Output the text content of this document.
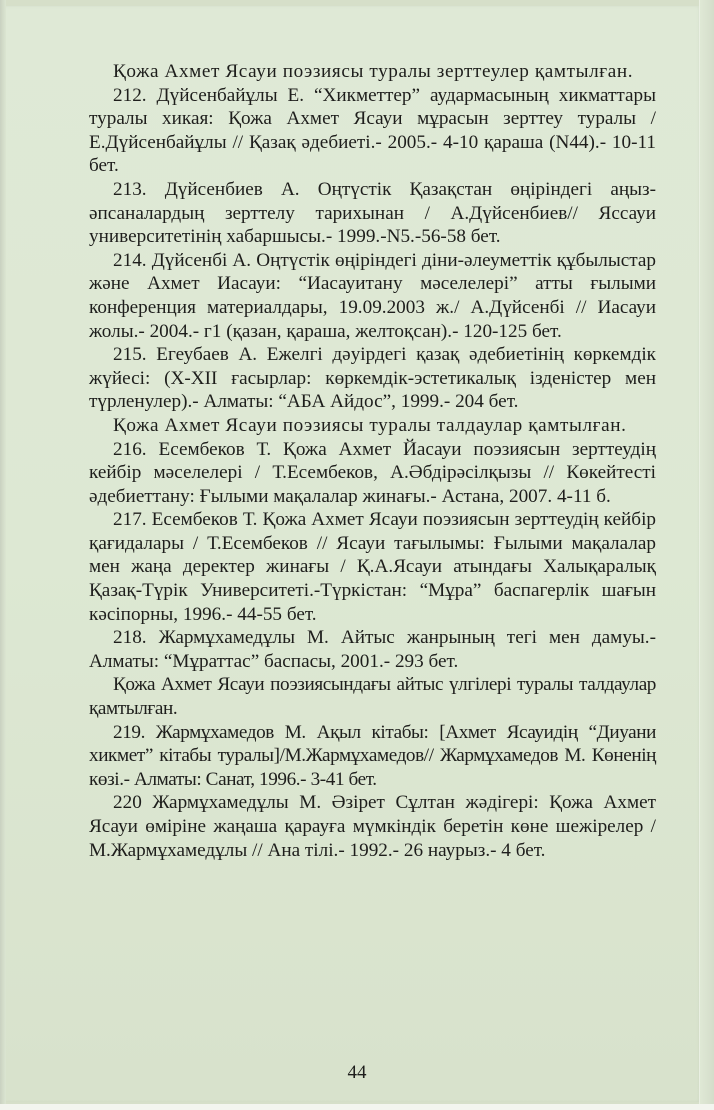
Қожа Ахмет Ясауи поэзиясы туралы зерттеулер қамтылған.

212. Дүйсенбайұлы Е. “Хикметтер” аудармасының хикматтары туралы хикая: Қожа Ахмет Ясауи мұрасын зерттеу туралы / Е.Дүйсенбайұлы // Қазақ әдебиеті.- 2005.- 4-10 қараша (N44).- 10-11 бет.

213. Дүйсенбиев А. Оңтүстік Қазақстан өңіріндегі аңыз-әпсаналардың зерттелу тарихынан / А.Дүйсенбиев// Яссауи университетінің хабаршысы.- 1999.-N5.-56-58 бет.

214. Дүйсенбі А. Оңтүстік өңіріндегі діни-әлеуметтік құбылыстар және Ахмет Иасауи: “Иасауитану мәселелері” атты ғылыми конференция материалдары, 19.09.2003 ж./ А.Дүйсенбі // Иасауи жолы.- 2004.- г1 (қазан, қараша, желтоқсан).- 120-125 бет.

215. Егеубаев А. Ежелгі дәуірдегі қазақ әдебиетінің көркемдік жүйесі: (X-XII ғасырлар: көркемдік-эстетикалық ізденістер мен түрленулер).- Алматы: “АБА Айдос”, 1999.- 204 бет.

Қожа Ахмет Ясауи поэзиясы туралы талдаулар қамтылған.

216. Есембеков Т. Қожа Ахмет Йасауи поэзиясын зерттеудің кейбір мәселелері / Т.Есембеков, А.Әбдірәсілқызы // Көкейтесті әдебиеттану: Ғылыми мақалалар жинағы.- Астана, 2007. 4-11 б.

217. Есембеков Т. Қожа Ахмет Ясауи поэзиясын зерттеудің кейбір қағидалары / Т.Есембеков // Ясауи тағылымы: Ғылыми мақалалар мен жаңа деректер жинағы / Қ.А.Ясауи атындағы Халықаралық Қазақ-Түрік Университеті.-Түркістан: “Мұра” баспагерлік шағын кәсіпорны, 1996.- 44-55 бет.

218. Жармұхамедұлы М. Айтыс жанрының тегі мен дамуы.- Алматы: “Мұраттас” баспасы, 2001.- 293 бет.

Қожа Ахмет Ясауи поэзиясындағы айтыс үлгілері туралы талдаулар қамтылған.

219. Жармұхамедов М. Ақыл кітабы: [Ахмет Ясауидің “Диуани хикмет” кітабы туралы]/М.Жармұхамедов// Жармұхамедов М. Көненің көзі.- Алматы: Санат, 1996.- 3-41 бет.

220 Жармұхамедұлы М. Әзірет Сұлтан жәдігері: Қожа Ахмет Ясауи өміріне жаңаша қарауға мүмкіндік беретін көне шежірелер / М.Жармұхамедұлы // Ана тілі.- 1992.- 26 наурыз.- 4 бет.

44
